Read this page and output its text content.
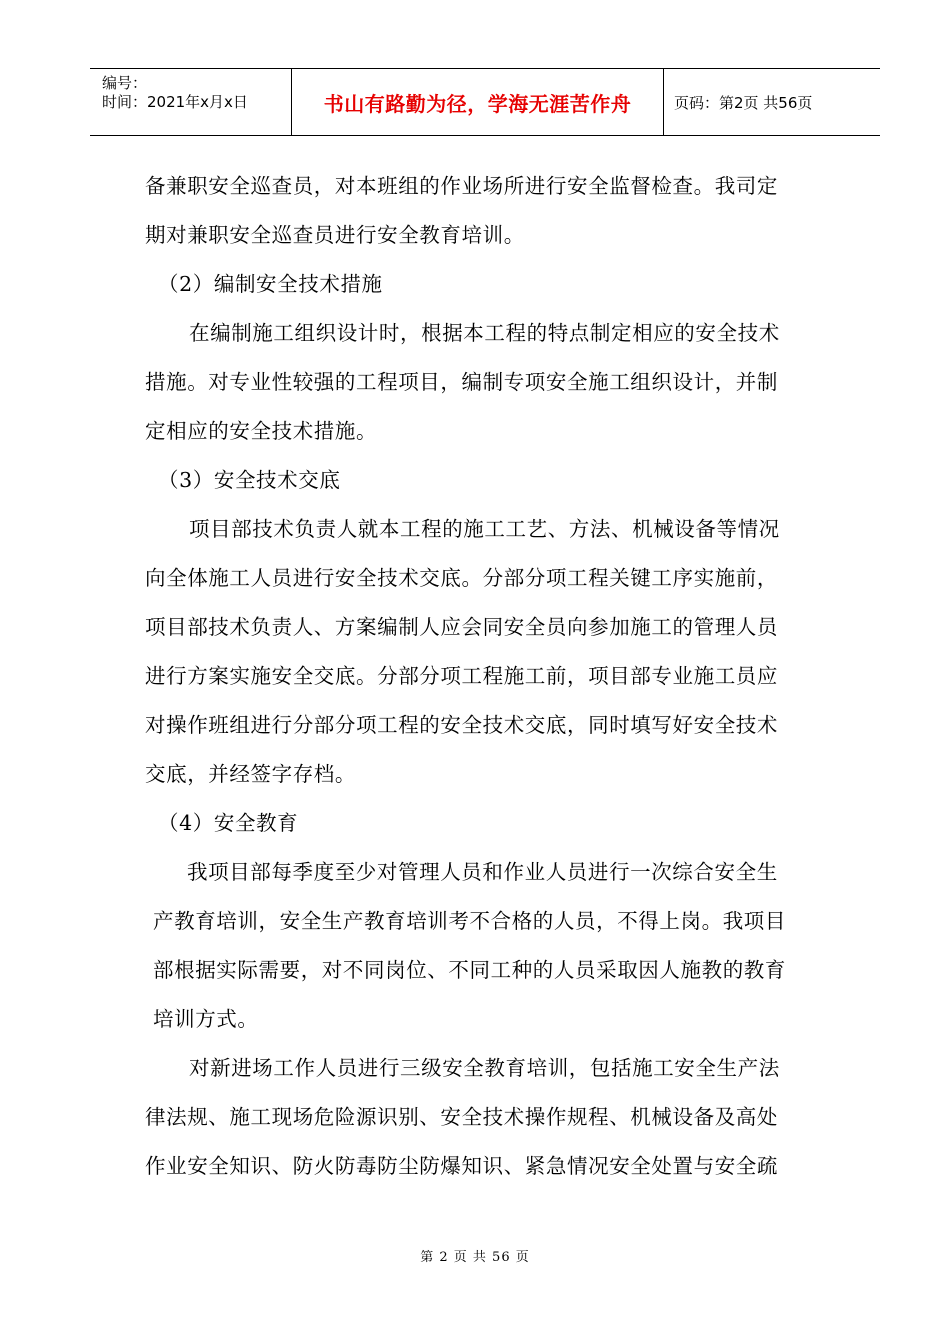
编号：
时间：2021年x月x日	书山有路勤为径，学海无涯苦作舟	页码：第2页 共56页
备兼职安全巡查员，对本班组的作业场所进行安全监督检查。我司定
期对兼职安全巡查员进行安全教育培训。
（2）编制安全技术措施
在编制施工组织设计时，根据本工程的特点制定相应的安全技术
措施。对专业性较强的工程项目，编制专项安全施工组织设计，并制
定相应的安全技术措施。
（3）安全技术交底
项目部技术负责人就本工程的施工工艺、方法、机械设备等情况
向全体施工人员进行安全技术交底。分部分项工程关键工序实施前，
项目部技术负责人、方案编制人应会同安全员向参加施工的管理人员
进行方案实施安全交底。分部分项工程施工前，项目部专业施工员应
对操作班组进行分部分项工程的安全技术交底，同时填写好安全技术
交底，并经签字存档。
（4）安全教育
我项目部每季度至少对管理人员和作业人员进行一次综合安全生
产教育培训，安全生产教育培训考不合格的人员，不得上岗。我项目
部根据实际需要，对不同岗位、不同工种的人员采取因人施教的教育
培训方式。
对新进场工作人员进行三级安全教育培训，包括施工安全生产法
律法规、施工现场危险源识别、安全技术操作规程、机械设备及高处
作业安全知识、防火防毒防尘防爆知识、紧急情况安全处置与安全疏
第 2 页 共 56 页
